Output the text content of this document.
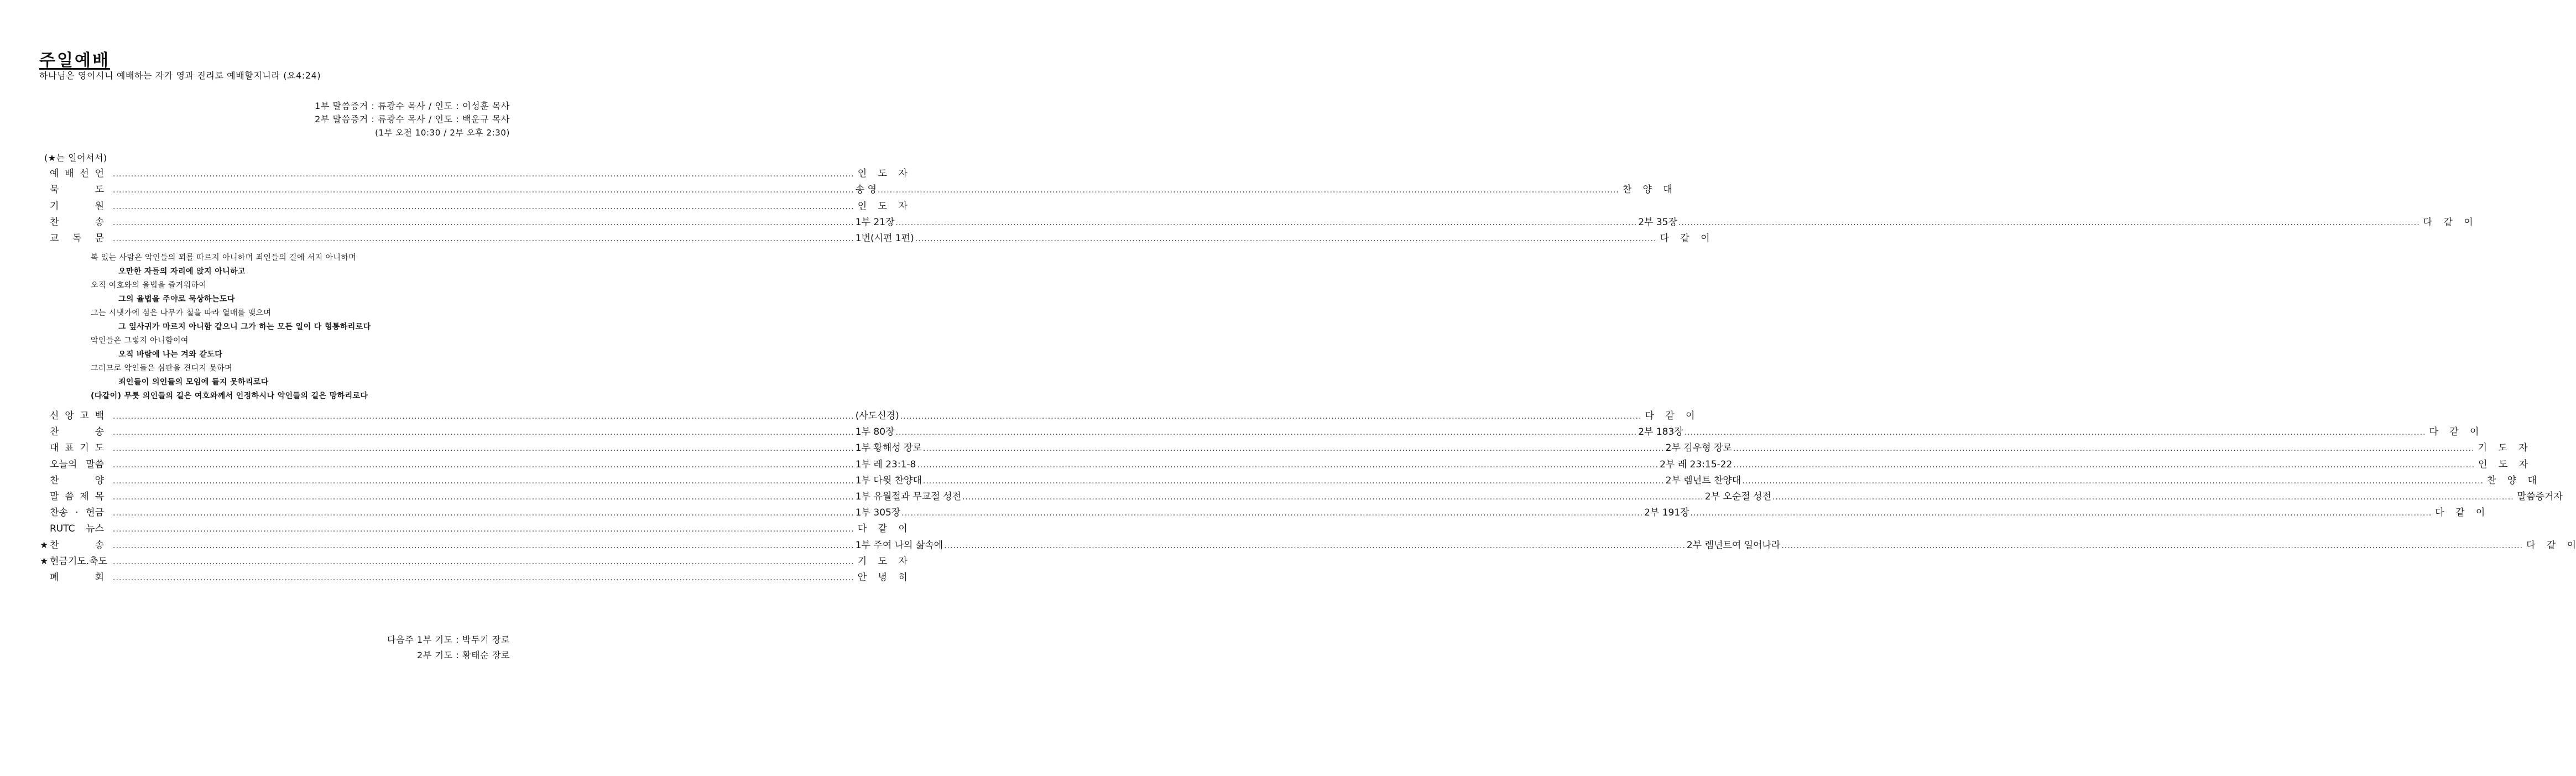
주일예배
하나님은 영이시니 예배하는 자가 영과 진리로 예배할지니라 (요4:24)
1부 말씀증거 : 류광수 목사 / 인도 : 이성훈 목사
2부 말씀증거 : 류광수 목사 / 인도 : 백운규 목사
(1부 오전 10:30 / 2부 오후 2:30)
(★는 일어서서)
예 배 선 언 .....	인 도 자
묵	도 .....	송 영 .....	찬 양 대
기	원 .....	인 도 자
찬	송 .....	1부 21장 .....	2부 35장 .....	다 같 이
교 독 문 .....	1번(시편 1편) .....	다 같 이
복 있는 사람은 악인들의 꾀를 따르지 아니하며 죄인들의 길에 서지 아니하며
오만한 자들의 자리에 앉지 아니하고
오직 여호와의 율법을 즐거워하여
그의 율법을 주야로 묵상하는도다
그는 시냇가에 심은 나무가 철을 따라 열매를 맺으며
그 잎사귀가 마르지 아니함 같으니 그가 하는 모든 일이 다 형통하리로다
악인들은 그렇지 아니함이여
오직 바람에 나는 겨와 같도다
그러므로 악인들은 심판을 견디지 못하며
죄인들이 의인들의 모임에 들지 못하리로다
(다같이) 무릇 의인들의 길은 여호와께서 인정하시나 악인들의 길은 망하리로다
신 앙 고 백 .....	(사도신경) .....	다 같 이
찬	송 .....	1부 80장 .....	2부 183장 .....	다 같 이
대 표 기 도 .....	1부 황해성 장로 .....	2부 김우형 장로 .....	기 도 자
오늘의 말씀 .....	1부 레 23:1-8 .....	2부 레 23:15-22 .....	인 도 자
찬	양 .....	1부 다윗 찬양대 .....	2부 렘넌트 찬양대 .....	찬 양 대
말 씀 제 목 .....	1부 유월절과 무교절 성전 .....	2부 오순절 성전 .....	말씀증거자
찬송 · 헌금 .....	1부 305장 .....	2부 191장 .....	다 같 이
RUTC 뉴스 .....	다 같 이
★ 찬	송 .....	1부 주여 나의 삶속에 .....	2부 렘넌트여 일어나라 .....	다 같 이
★ 헌금기도.축도 .....	기 도 자
폐	회 .....	안 녕 히
다음주 1부 기도 : 박두기 장로
2부 기도 : 황태순 장로
